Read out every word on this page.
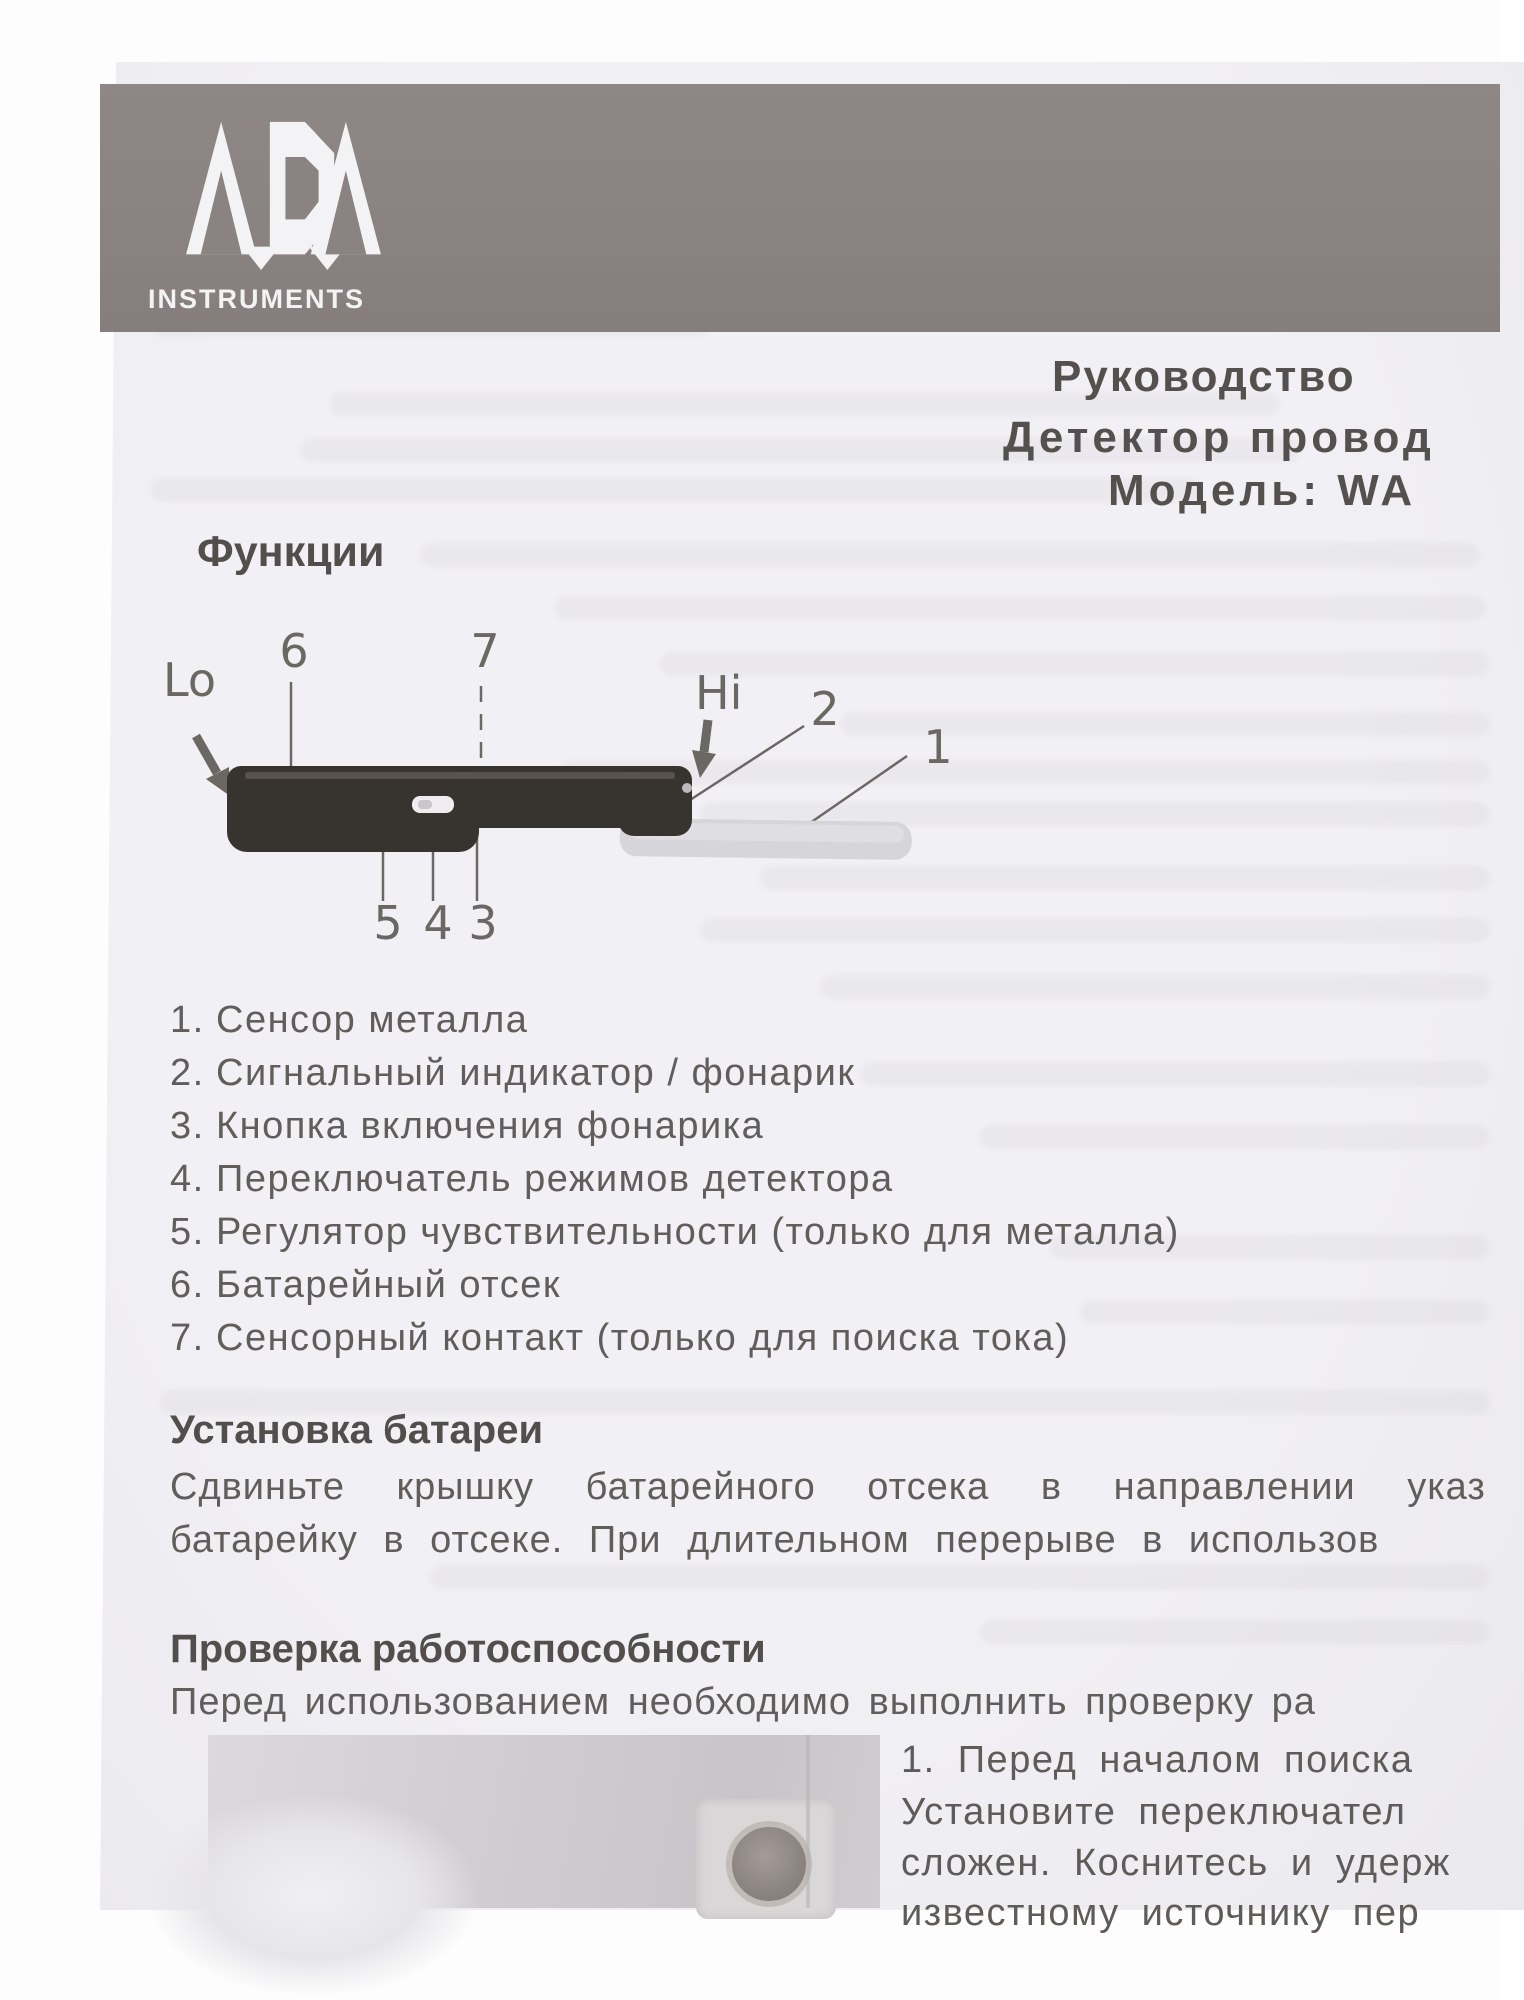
INSTRUMENTS
Руководство
Детектор провод
Модель: WA
Функции
Lo
6	7
Hi 2
1
5 4 3
1. Сенсор металла
2. Сигнальный индикатор / фонарик
3. Кнопка включения фонарика
4. Переключатель режимов детектора
5. Регулятор чувствительности (только для металла)
6. Батарейный отсек
7. Сенсорный контакт (только для поиска тока)
Установка батареи
Сдвиньте крышку батарейного отсека в направлении указ
батарейку в отсеке. При длительном перерыве в использов
Проверка работоспособности
Перед использованием необходимо выполнить проверку ра
1. Перед началом поиска
Установите переключател
сложен. Коснитесь и удерж
известному источнику пер
